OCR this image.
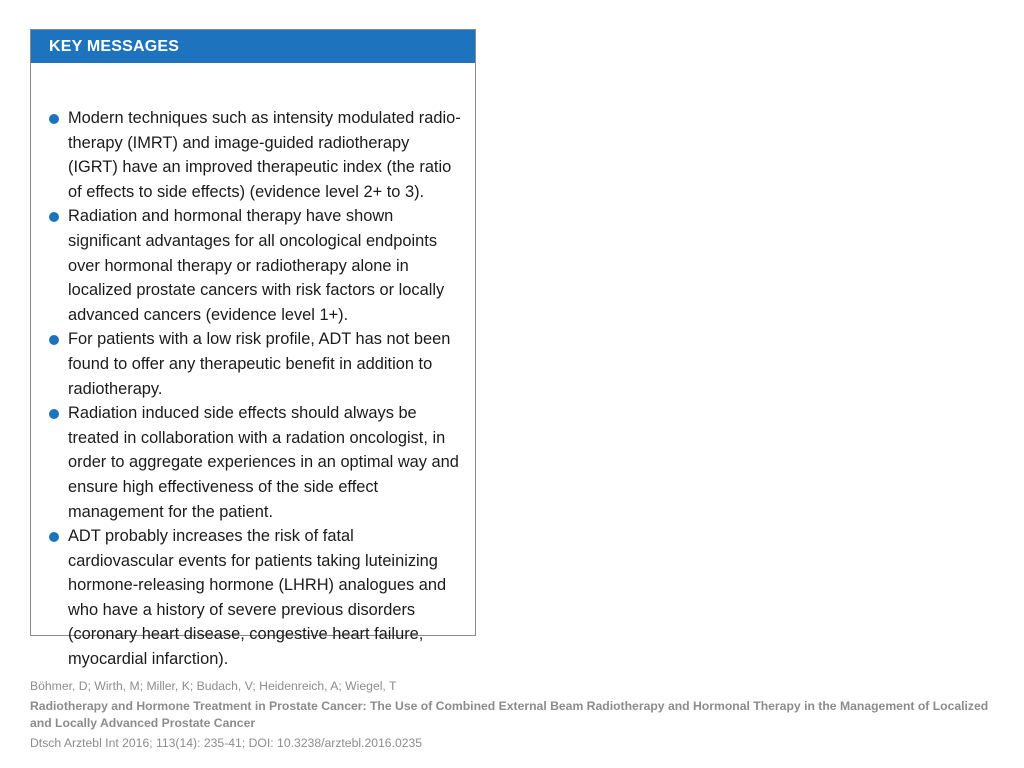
KEY MESSAGES
Modern techniques such as intensity modulated radio-therapy (IMRT) and image-guided radiotherapy (IGRT) have an improved therapeutic index (the ratio of effects to side effects) (evidence level 2+ to 3).
Radiation and hormonal therapy have shown significant advantages for all oncological endpoints over hormonal therapy or radiotherapy alone in localized prostate cancers with risk factors or locally advanced cancers (evidence level 1+).
For patients with a low risk profile, ADT has not been found to offer any therapeutic benefit in addition to radiotherapy.
Radiation induced side effects should always be treated in collaboration with a radation oncologist, in order to aggregate experiences in an optimal way and ensure high effectiveness of the side effect management for the patient.
ADT probably increases the risk of fatal cardiovascular events for patients taking luteinizing hormone-releasing hormone (LHRH) analogues and who have a history of severe previous disorders (coronary heart disease, congestive heart failure, myocardial infarction).
Böhmer, D; Wirth, M; Miller, K; Budach, V; Heidenreich, A; Wiegel, T
Radiotherapy and Hormone Treatment in Prostate Cancer: The Use of Combined External Beam Radiotherapy and Hormonal Therapy in the Management of Localized and Locally Advanced Prostate Cancer
Dtsch Arztebl Int 2016; 113(14): 235-41; DOI: 10.3238/arztebl.2016.0235
